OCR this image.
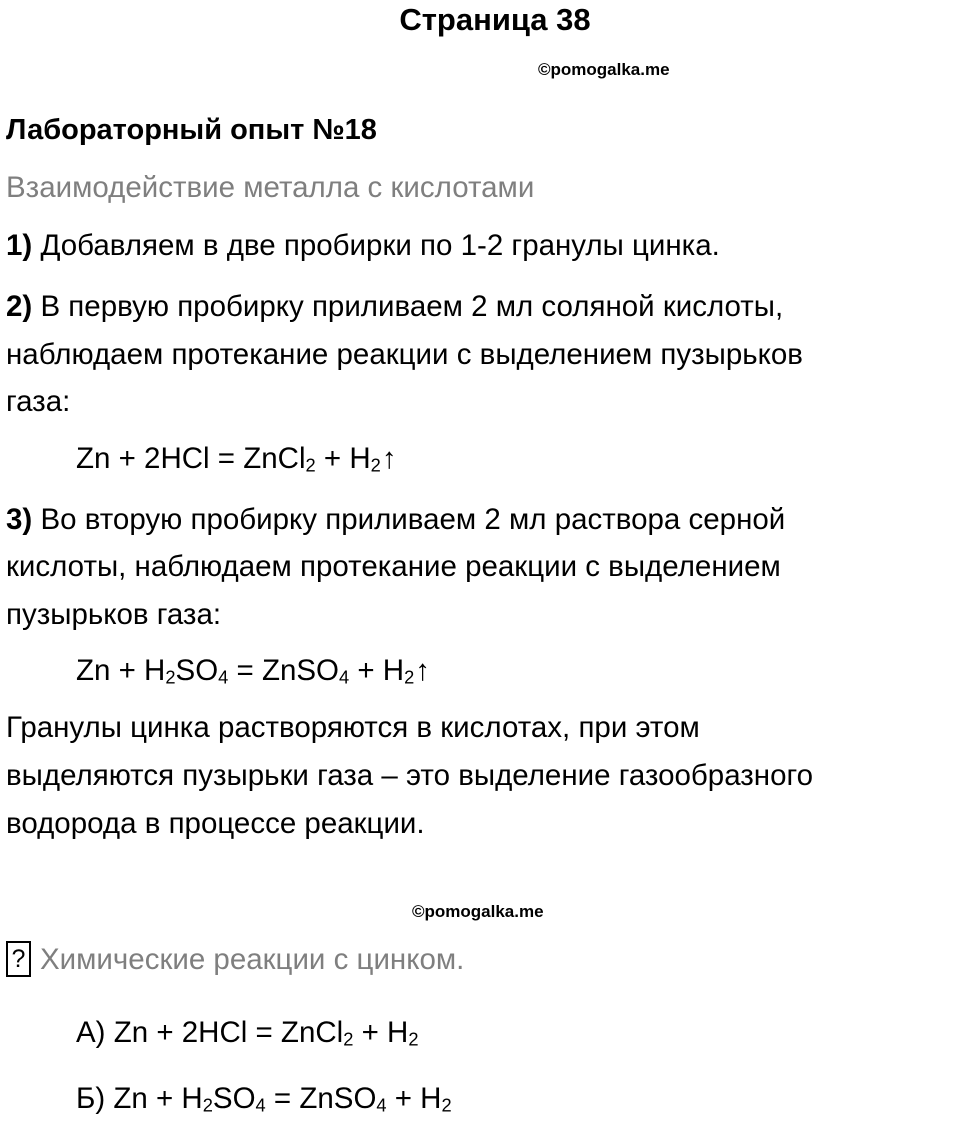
Страница 38
©pomogalka.me
Лабораторный опыт №18
Взаимодействие металла с кислотами
1) Добавляем в две пробирки по 1-2 гранулы цинка.
2) В первую пробирку приливаем 2 мл соляной кислоты,
наблюдаем протекание реакции с выделением пузырьков
газа:
Zn + 2HCl = ZnCl$_2$ + $H_2↑$
3) Во вторую пробирку приливаем 2 мл раствора серной
кислоты, наблюдаем протекание реакции с выделением
пузырьков газа:
$Zn + H_2SO_4$ = ZnSO$_4$ + $H_2↑$
Гранулы цинка растворяются в кислотах, при этом
выделяются пузырьки газа – это выделение газообразного
водорода в процессе реакции.
©pomogalka.me
? Химические реакции с цинком.
А) Zn + 2HCl = ZnCl$_2$ + $H_2$
Б) $Zn + H_2SO_4$ = ZnSO$_4$ + $H_2$
